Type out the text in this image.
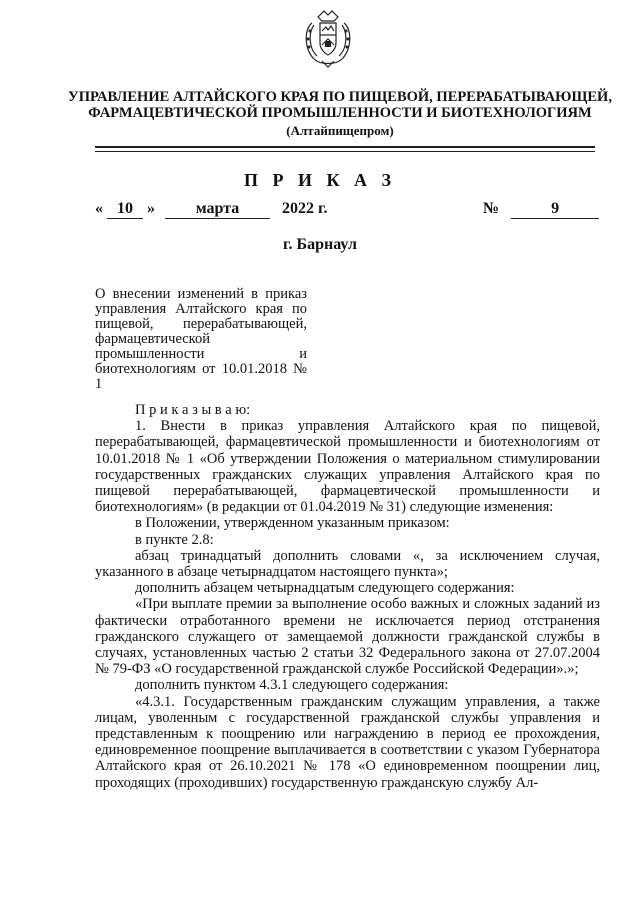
УПРАВЛЕНИЕ АЛТАЙСКОГО КРАЯ ПО ПИЩЕВОЙ, ПЕРЕРАБАТЫВАЮЩЕЙ,
ФАРМАЦЕВТИЧЕСКОЙ ПРОМЫШЛЕННОСТИ И БИОТЕХНОЛОГИЯМ
(Алтайпищепром)
П Р И К А З
« 10 »	марта	2022 г.	№	9
г. Барнаул
О внесении изменений в приказ управления Алтайского края по пищевой, перерабатывающей, фармацевтической промышленности и биотехнологиям от 10.01.2018 № 1

П р и к а з ы в а ю:

1. Внести в приказ управления Алтайского края по пищевой, перерабатывающей, фармацевтической промышленности и биотехнологиям от 10.01.2018 № 1 «Об утверждении Положения о материальном стимулировании государственных гражданских служащих управления Алтайского края по пищевой перерабатывающей, фармацевтической промышленности и биотехнологиям» (в редакции от 01.04.2019 № 31) следующие изменения:

в Положении, утвержденном указанным приказом:

в пункте 2.8:

абзац тринадцатый дополнить словами «, за исключением случая, указанного в абзаце четырнадцатом настоящего пункта»;

дополнить абзацем четырнадцатым следующего содержания:

«При выплате премии за выполнение особо важных и сложных заданий из фактически отработанного времени не исключается период отстранения гражданского служащего от замещаемой должности гражданской службы в случаях, установленных частью 2 статьи 32 Федерального закона от 27.07.2004 № 79-ФЗ «О государственной гражданской службе Российской Федерации».»;

дополнить пунктом 4.3.1 следующего содержания:

«4.3.1. Государственным гражданским служащим управления, а также лицам, уволенным с государственной гражданской службы управления и представленным к поощрению или награждению в период ее прохождения, единовременное поощрение выплачивается в соответствии с указом Губернатора Алтайского края от 26.10.2021 № 178 «О единовременном поощрении лиц, проходящих (проходивших) государственную гражданскую службу Ал-
